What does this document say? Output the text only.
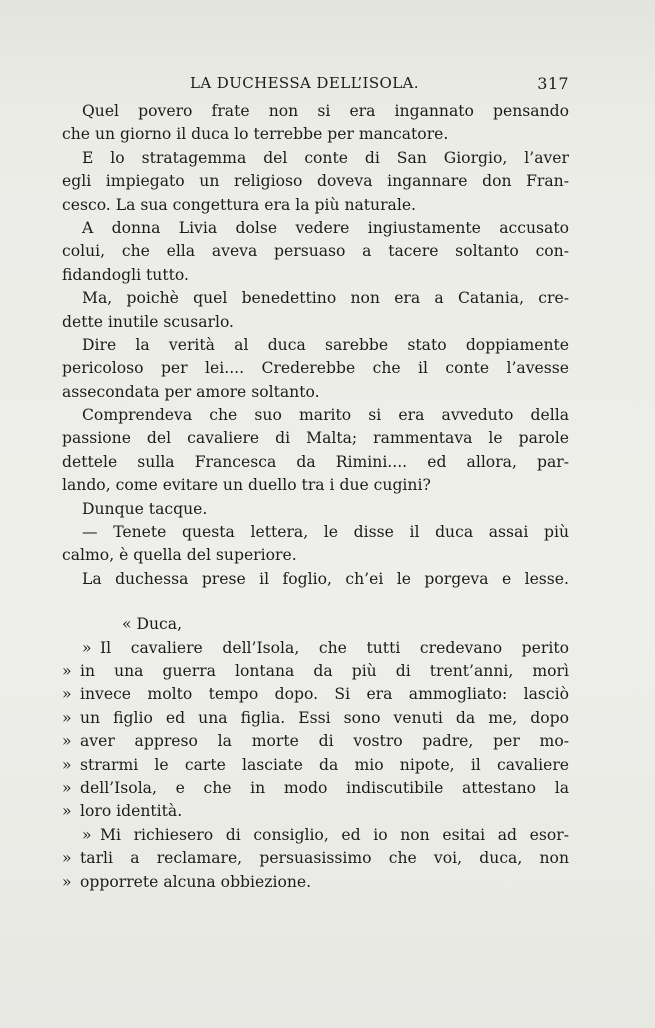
LA DUCHESSA DELL’ISOLA.	317
Quel povero frate non si era ingannato pensando
che un giorno il duca lo terrebbe per mancatore.
E lo stratagemma del conte di San Giorgio, l’aver
egli impiegato un religioso doveva ingannare don Fran-
cesco. La sua congettura era la più naturale.
A donna Livia dolse vedere ingiustamente accusato
colui, che ella aveva persuaso a tacere soltanto con-
fidandogli tutto.
Ma, poichè quel benedettino non era a Catania, cre-
dette inutile scusarlo.
Dire la verità al duca sarebbe stato doppiamente
pericoloso per lei.... Crederebbe che il conte l’avesse
assecondata per amore soltanto.
Comprendeva che suo marito si era avveduto della
passione del cavaliere di Malta; rammentava le parole
dettele sulla Francesca da Rimini.... ed allora, par-
lando, come evitare un duello tra i due cugini?
Dunque tacque.
— Tenete questa lettera, le disse il duca assai più
calmo, è quella del superiore.
La duchessa prese il foglio, ch’ei le porgeva e lesse.
« Duca,
» Il cavaliere dell’Isola, che tutti credevano perito
» in una guerra lontana da più di trent’anni, morì
» invece molto tempo dopo. Si era ammogliato: lasciò
» un figlio ed una figlia. Essi sono venuti da me, dopo
» aver appreso la morte di vostro padre, per mo-
» strarmi le carte lasciate da mio nipote, il cavaliere
» dell’Isola, e che in modo indiscutibile attestano la
» loro identità.
» Mi richiesero di consiglio, ed io non esitai ad esor-
» tarli a reclamare, persuasissimo che voi, duca, non
» opporrete alcuna obbiezione.
